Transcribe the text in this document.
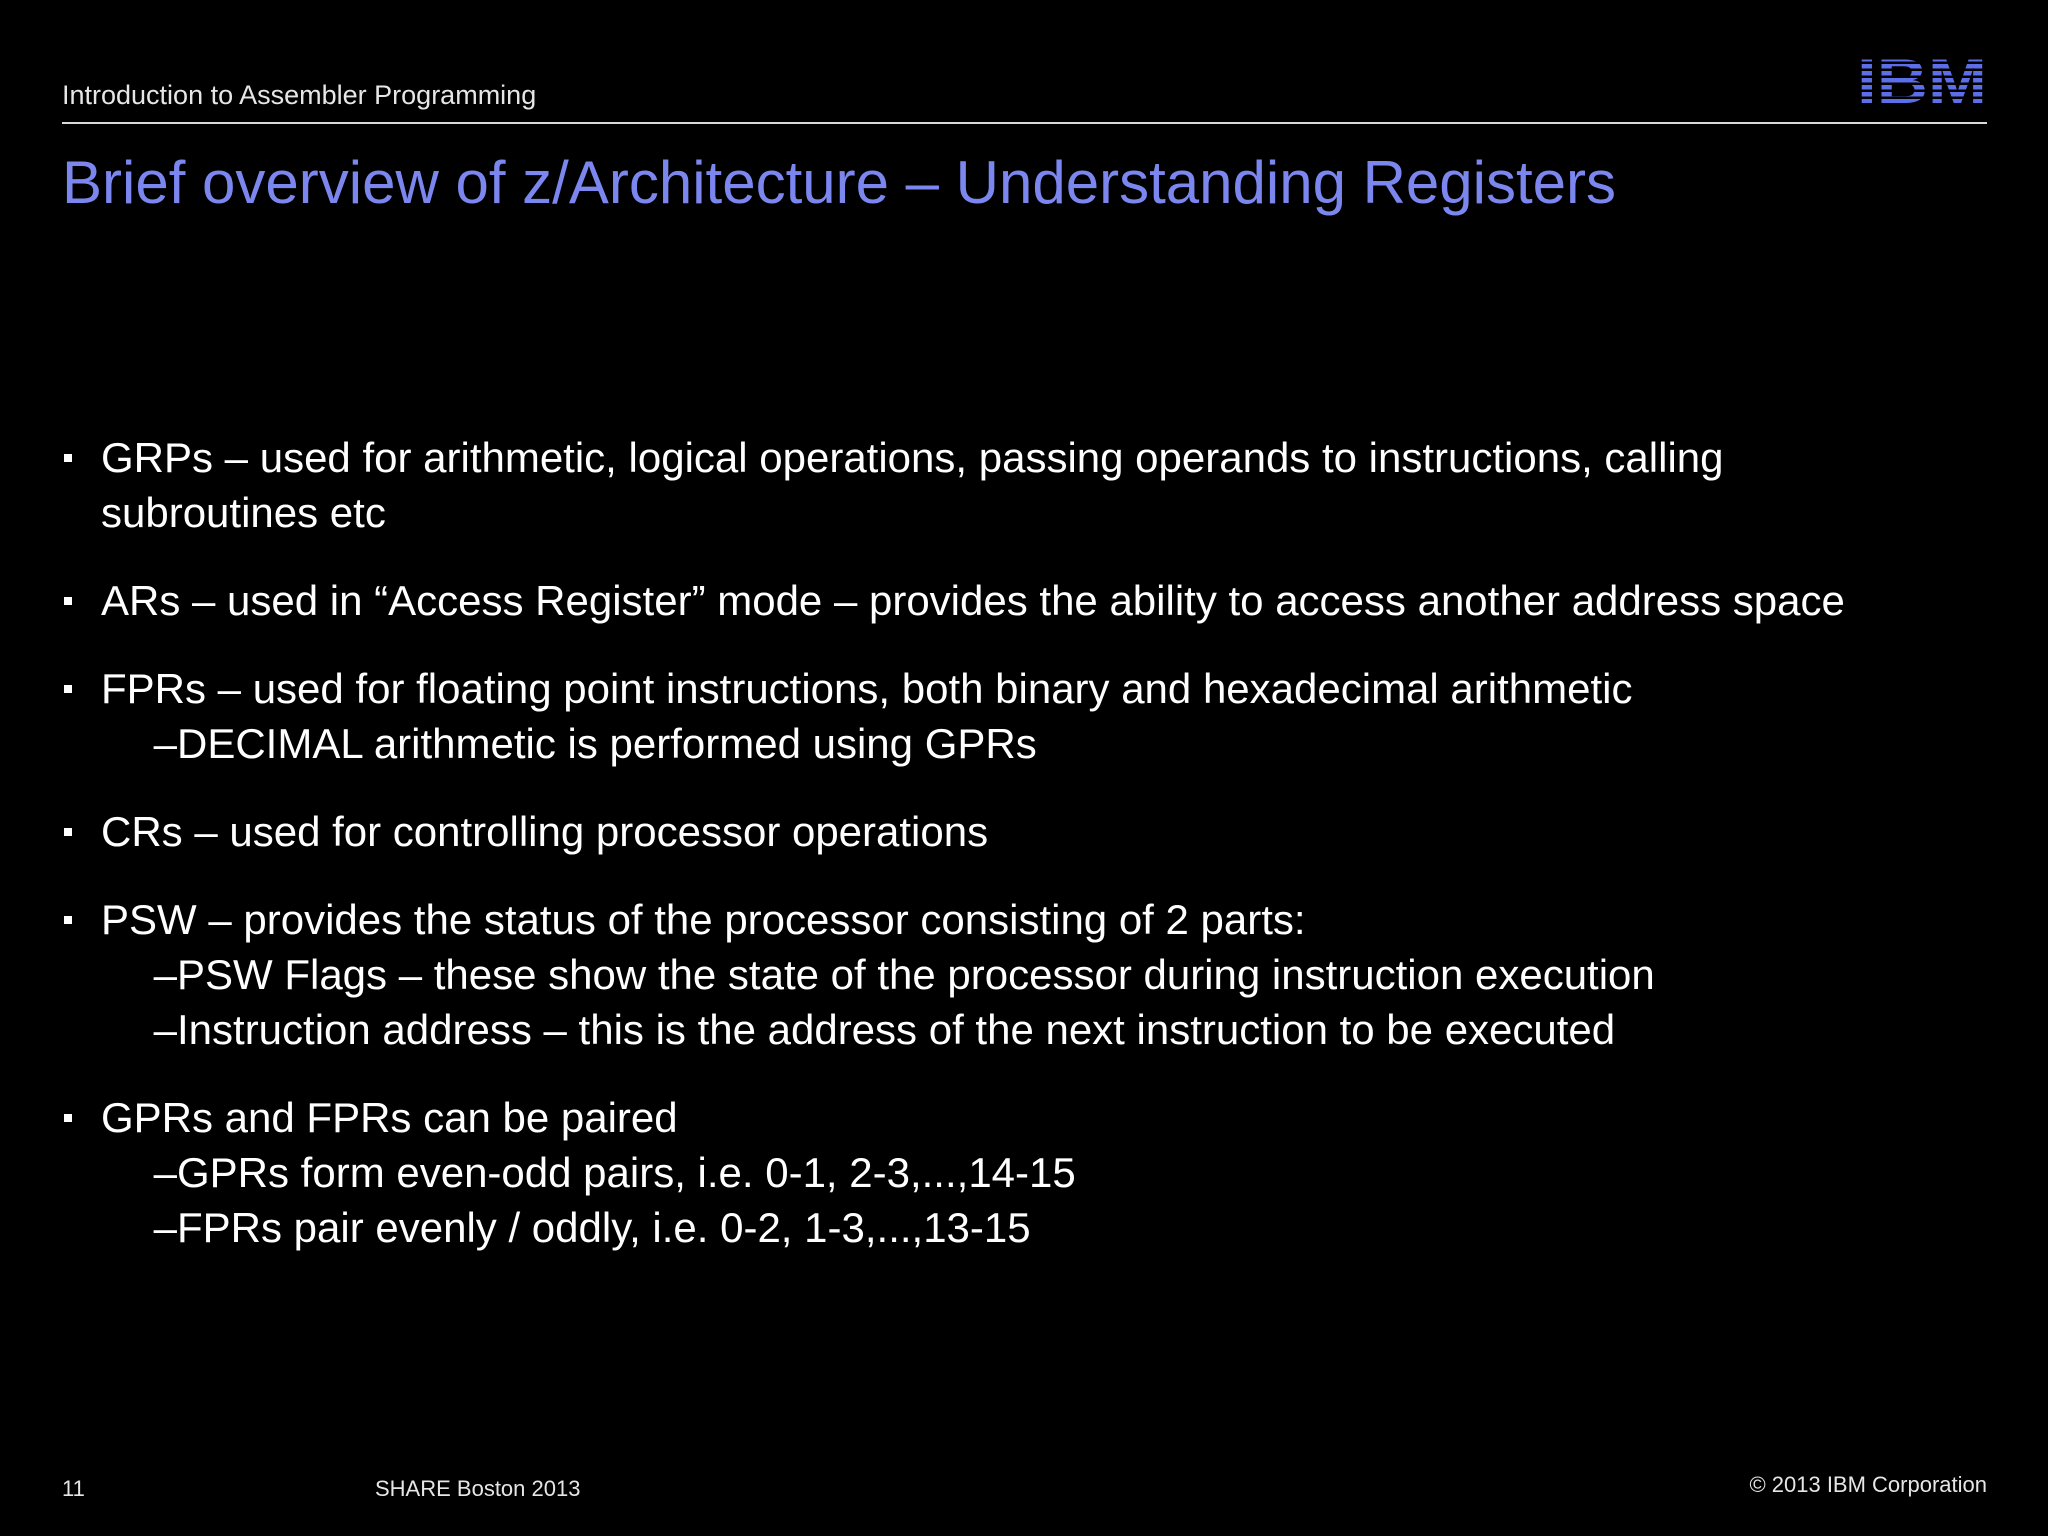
Introduction to Assembler Programming
Brief overview of z/Architecture – Understanding Registers
GRPs – used for arithmetic, logical operations, passing operands to instructions, calling subroutines etc
ARs – used in “Access Register” mode – provides the ability to access another address space
FPRs – used for floating point instructions, both binary and hexadecimal arithmetic
– DECIMAL arithmetic is performed using GPRs
CRs – used for controlling processor operations
PSW – provides the status of the processor consisting of 2 parts:
– PSW Flags – these show the state of the processor during instruction execution
– Instruction address – this is the address of the next instruction to be executed
GPRs and FPRs can be paired
– GPRs form even-odd pairs, i.e. 0-1, 2-3,...,14-15
– FPRs pair evenly / oddly, i.e. 0-2, 1-3,...,13-15
11	SHARE Boston 2013	© 2013 IBM Corporation
